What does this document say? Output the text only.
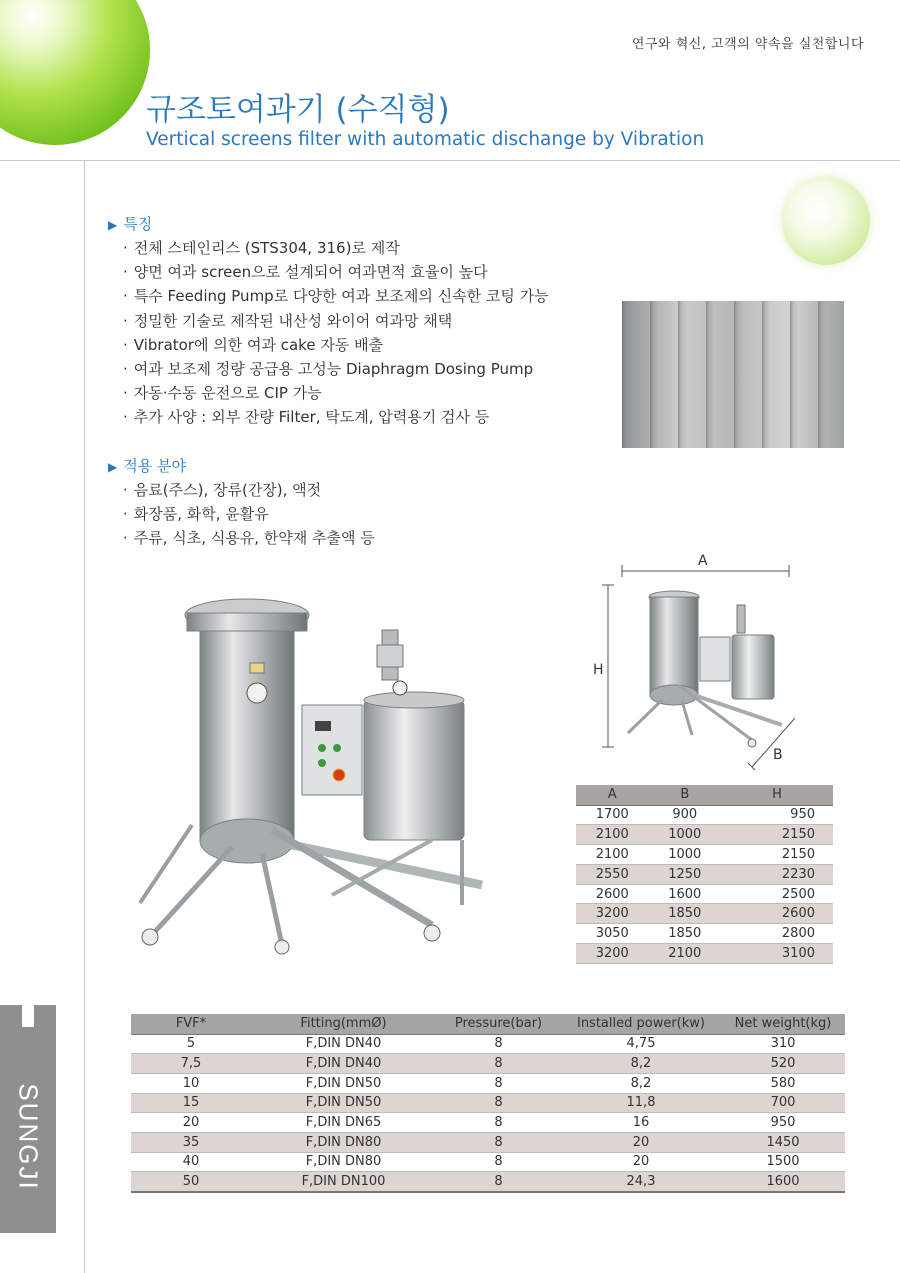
연구와 혁신, 고객의 약속을 실천합니다
규조토여과기 (수직형)
Vertical screens filter with automatic dischange by Vibration
▶ 특징
· 전체 스테인리스 (STS304, 316)로 제작
· 양면 여과 screen으로 설계되어 여과면적 효율이 높다
· 특수 Feeding Pump로 다양한 여과 보조제의 신속한 코팅 가능
· 정밀한 기술로 제작된 내산성 와이어 여과망 채택
· Vibrator에 의한 여과 cake 자동 배출
· 여과 보조제 정량 공급용 고성능 Diaphragm Dosing Pump
· 자동·수동 운전으로 CIP 가능
· 추가 사양 : 외부 잔량 Filter, 탁도계, 압력용기 검사 등
▶ 적용 분야
· 음료(주스), 장류(간장), 액젓
· 화장품, 화학, 윤활유
· 주류, 식초, 식용유, 한약재 추출액 등
A
H
B
A	B	H
1700	900	950
2100	1000	2150
2100	1000	2150
2550	1250	2230
2600	1600	2500
3200	1850	2600
3050	1850	2800
3200	2100	3100
FVF*	Fitting(mmØ)	Pressure(bar)	Installed power(kw)	Net weight(kg)
5	F,DIN DN40	8	4,75	310
7,5	F,DIN DN40	8	8,2	520
10	F,DIN DN50	8	8,2	580
15	F,DIN DN50	8	11,8	700
20	F,DIN DN65	8	16	950
35	F,DIN DN80	8	20	1450
40	F,DIN DN80	8	20	1500
50	F,DIN DN100	8	24,3	1600
SUNGJI
